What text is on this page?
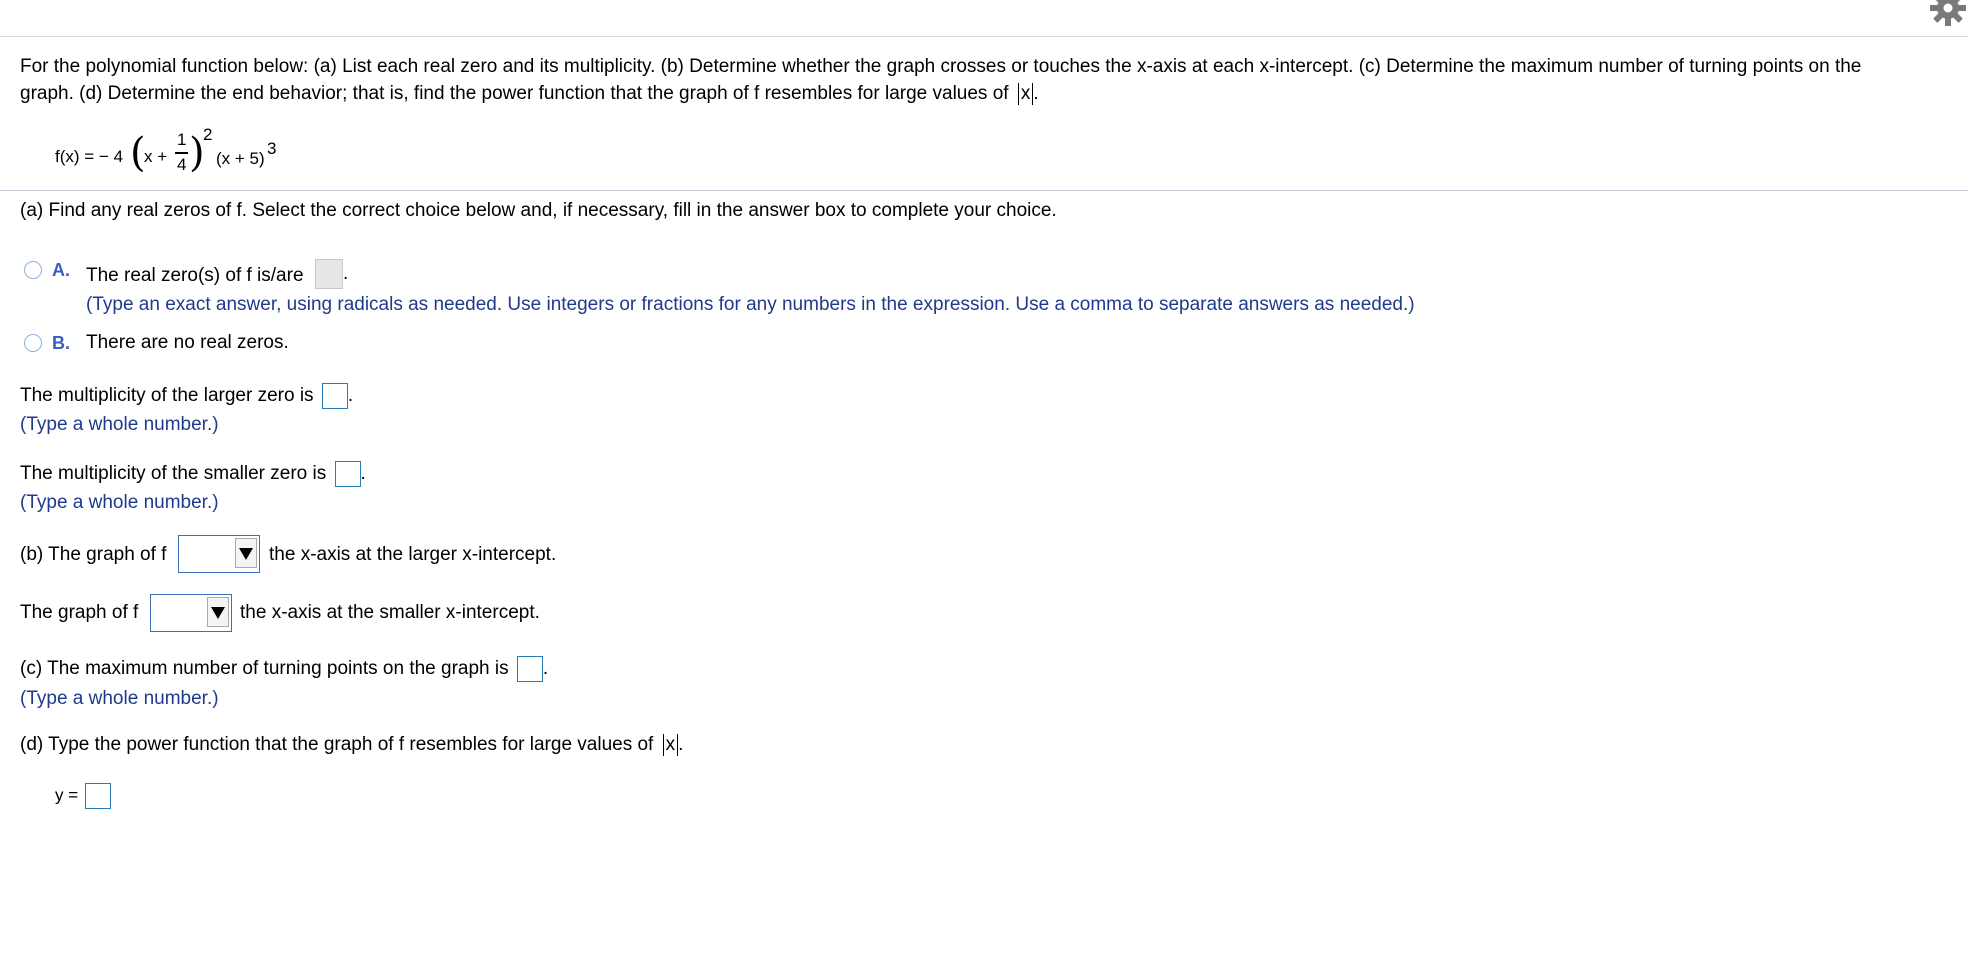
For the polynomial function below: (a) List each real zero and its multiplicity. (b) Determine whether the graph crosses or touches the x-axis at each x-intercept. (c) Determine the maximum number of turning points on the
graph. (d) Determine the end behavior; that is, find the power function that the graph of f resembles for large values of x .
f(x) = − 4 (
x +
1
4 )
2
(x + 5)
3
(a) Find any real zeros of f. Select the correct choice below and, if necessary, fill in the answer box to complete your choice.
A. The real zero(s) of f is/are	.
(Type an exact answer, using radicals as needed. Use integers or fractions for any numbers in the expression. Use a comma to separate answers as needed.)
B. There are no real zeros.
The multiplicity of the larger zero is .
(Type a whole number.)
The multiplicity of the smaller zero is .
(Type a whole number.)
(b) The graph of f	the x-axis at the larger x-intercept.
The graph of f	the x-axis at the smaller x-intercept.
(c) The maximum number of turning points on the graph is .
(Type a whole number.)
(d) Type the power function that the graph of f resembles for large values of x .
y =
